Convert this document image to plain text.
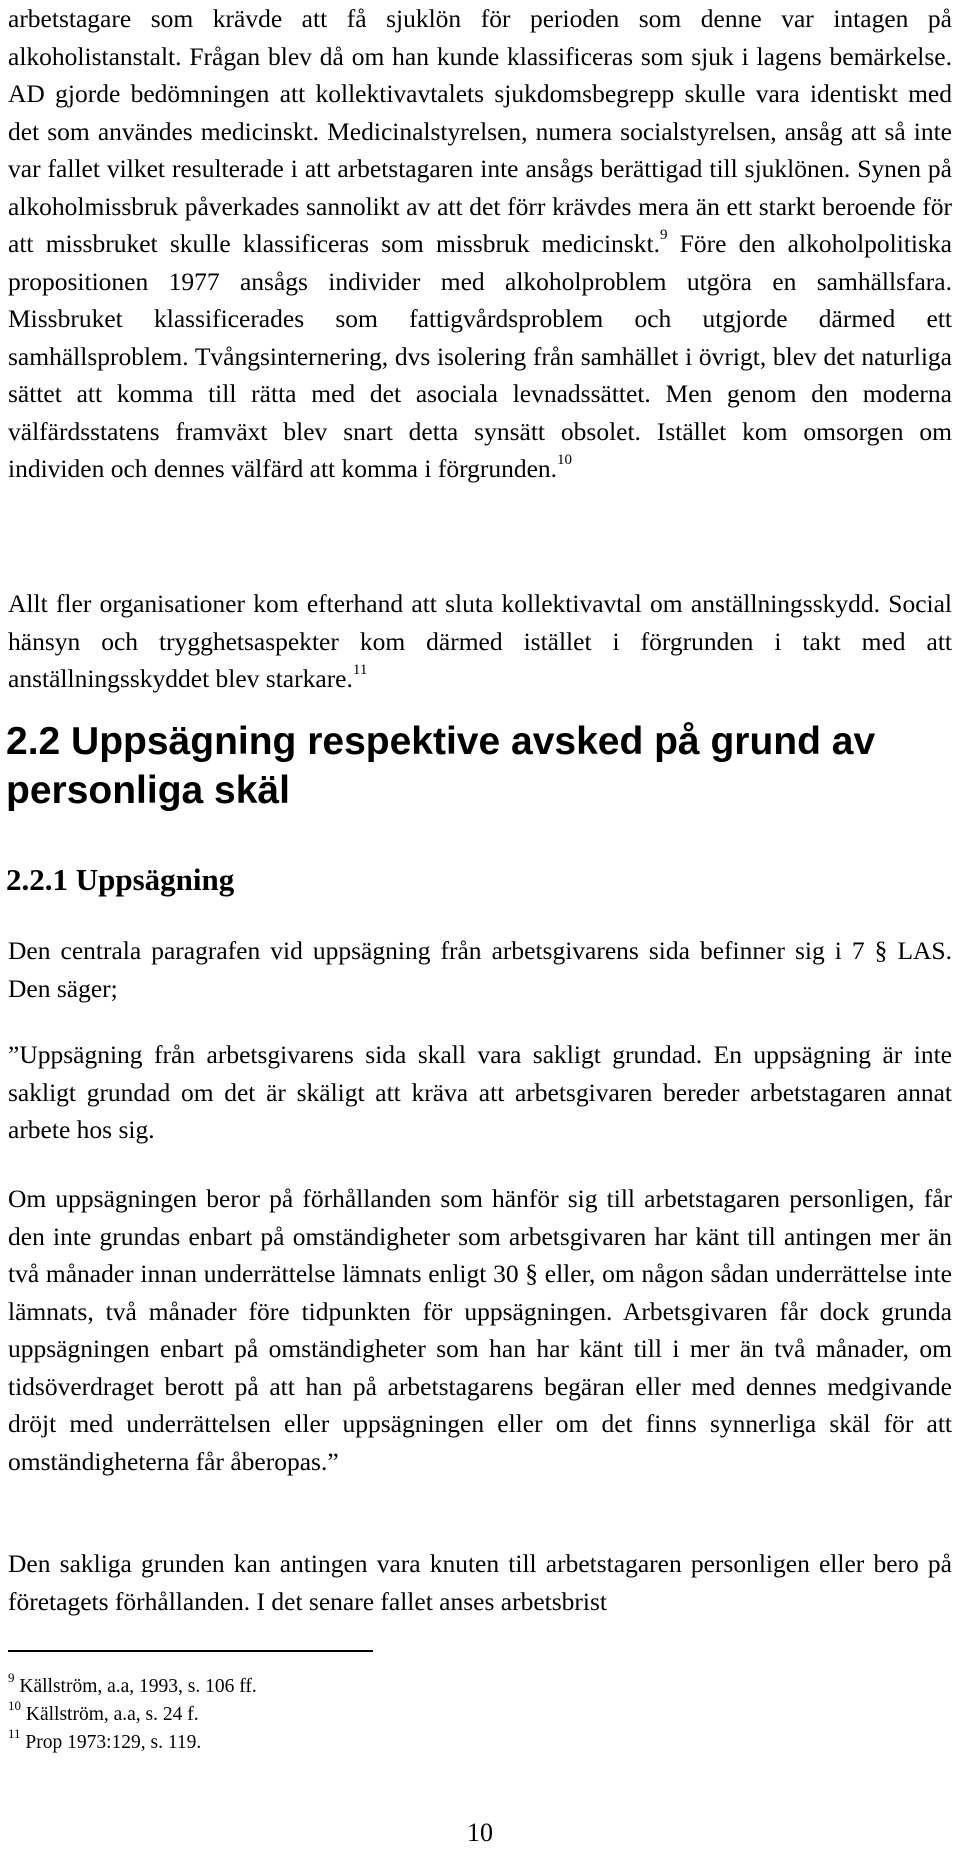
arbetstagare som krävde att få sjuklön för perioden som denne var intagen på alkoholistanstalt. Frågan blev då om han kunde klassificeras som sjuk i lagens bemärkelse. AD gjorde bedömningen att kollektivavtalets sjukdomsbegrepp skulle vara identiskt med det som användes medicinskt. Medicinalstyrelsen, numera socialstyrelsen, ansåg att så inte var fallet vilket resulterade i att arbetstagaren inte ansågs berättigad till sjuklönen. Synen på alkoholmissbruk påverkades sannolikt av att det förr krävdes mera än ett starkt beroende för att missbruket skulle klassificeras som missbruk medicinskt.$^9$ Före den alkoholpolitiska propositionen 1977 ansågs individer med alkoholproblem utgöra en samhällsfara. Missbruket klassificerades som fattigvårdsproblem och utgjorde därmed ett samhällsproblem. Tvångsinternering, dvs isolering från samhället i övrigt, blev det naturliga sättet att komma till rätta med det asociala levnadssättet. Men genom den moderna välfärdsstatens framväxt blev snart detta synsätt obsolet. Istället kom omsorgen om individen och dennes välfärd att komma i förgrunden.$^{10}$

Allt fler organisationer kom efterhand att sluta kollektivavtal om anställningsskydd. Social hänsyn och trygghetsaspekter kom därmed istället i förgrunden i takt med att anställningsskyddet blev starkare.$^{11}$

2.2 Uppsägning respektive avsked på grund av personliga skäl
2.2.1 Uppsägning

Den centrala paragrafen vid uppsägning från arbetsgivarens sida befinner sig i 7 § LAS. Den säger;

”Uppsägning från arbetsgivarens sida skall vara sakligt grundad. En uppsägning är inte sakligt grundad om det är skäligt att kräva att arbetsgivaren bereder arbetstagaren annat arbete hos sig.

Om uppsägningen beror på förhållanden som hänför sig till arbetstagaren personligen, får den inte grundas enbart på omständigheter som arbetsgivaren har känt till antingen mer än två månader innan underrättelse lämnats enligt 30 § eller, om någon sådan underrättelse inte lämnats, två månader före tidpunkten för uppsägningen. Arbetsgivaren får dock grunda uppsägningen enbart på omständigheter som han har känt till i mer än två månader, om tidsöverdraget berott på att han på arbetstagarens begäran eller med dennes medgivande dröjt med underrättelsen eller uppsägningen eller om det finns synnerliga skäl för att omständigheterna får åberopas.”

Den sakliga grunden kan antingen vara knuten till arbetstagaren personligen eller bero på företagets förhållanden. I det senare fallet anses arbetsbrist

$^9$ Källström, a.a, 1993, s. 106 ff.
$^{10}$ Källström, a.a, s. 24 f.
$^{11}$ Prop 1973:129, s. 119.
10
